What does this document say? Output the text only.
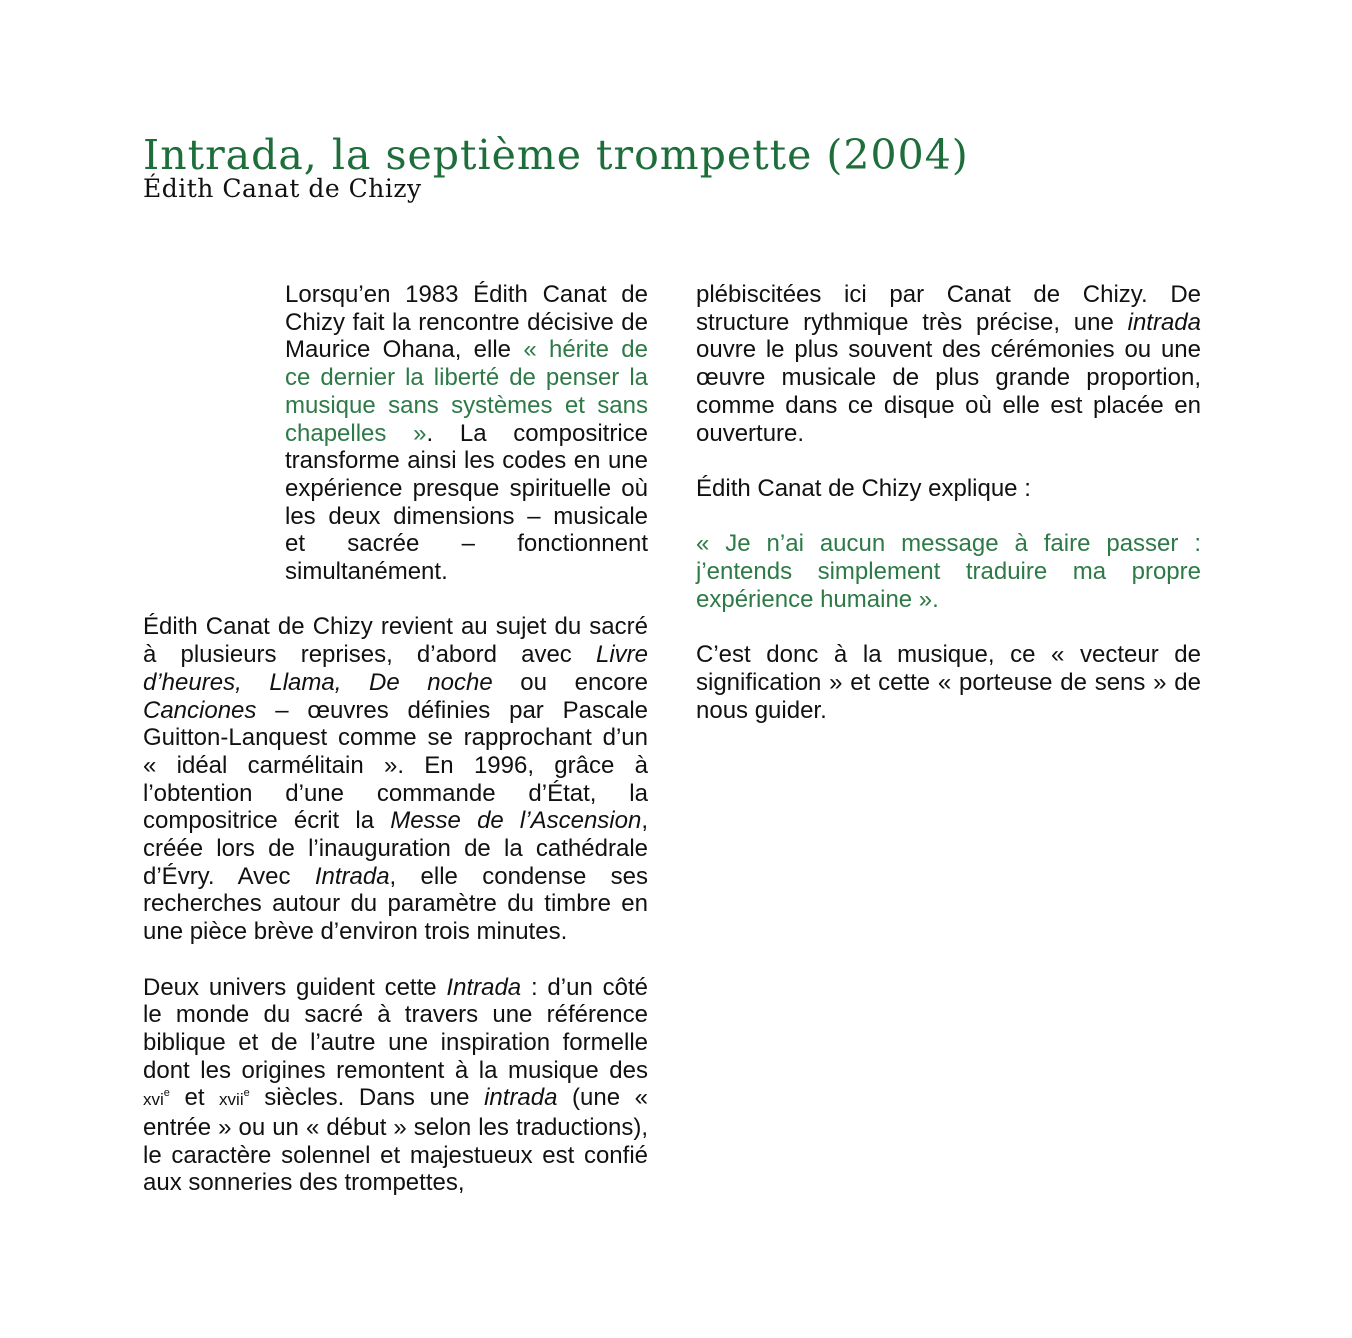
Intrada, la septième trompette (2004)
Édith Canat de Chizy

Lorsqu’en 1983 Édith Canat de Chizy fait la rencontre décisive de Maurice Ohana, elle « hérite de ce dernier la liberté de penser la musique sans systèmes et sans chapelles ». La compositrice transforme ainsi les codes en une expérience presque spirituelle où les deux dimensions – musicale et sacrée – fonctionnent simultanément.

Édith Canat de Chizy revient au sujet du sacré à plusieurs reprises, d’abord avec Livre d’heures, Llama, De noche ou encore Canciones – œuvres définies par Pascale Guitton-Lanquest comme se rapprochant d’un « idéal carmélitain ». En 1996, grâce à l’obtention d’une commande d’État, la compositrice écrit la Messe de l’Ascension, créée lors de l’inauguration de la cathédrale d’Évry. Avec Intrada, elle condense ses recherches autour du paramètre du timbre en une pièce brève d’environ trois minutes.

Deux univers guident cette Intrada : d’un côté le monde du sacré à travers une référence biblique et de l’autre une inspiration formelle dont les origines remontent à la musique des xvi$^e$ et xvii$^e$ siècles. Dans une intrada (une « entrée » ou un « début » selon les traductions), le caractère solennel et majestueux est confié aux sonneries des trompettes,

plébiscitées ici par Canat de Chizy. De structure rythmique très précise, une intrada ouvre le plus souvent des cérémonies ou une œuvre musicale de plus grande proportion, comme dans ce disque où elle est placée en ouverture.

Édith Canat de Chizy explique :

« Je n’ai aucun message à faire passer : j’entends simplement traduire ma propre expérience humaine ».

C’est donc à la musique, ce « vecteur de signification » et cette « porteuse de sens » de nous guider.
